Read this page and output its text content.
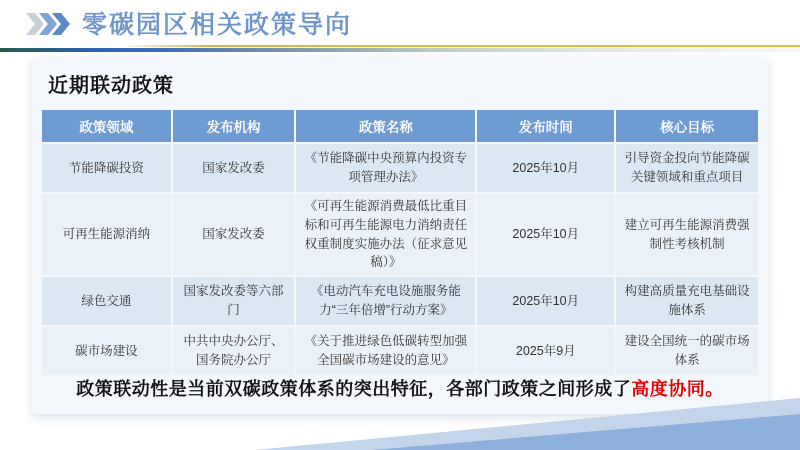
零碳园区相关政策导向
近期联动政策
政策领域	发布机构	政策名称	发布时间	核心目标
节能降碳投资	国家发改委	《节能降碳中央预算内投资专项管理办法》	2025年10月	引导资金投向节能降碳关键领域和重点项目
可再生能源消纳	国家发改委	《可再生能源消费最低比重目标和可再生能源电力消纳责任权重制度实施办法（征求意见稿）》	2025年10月	建立可再生能源消费强制性考核机制
绿色交通	国家发改委等六部门	《电动汽车充电设施服务能力“三年倍增”行动方案》	2025年10月	构建高质量充电基础设施体系
碳市场建设	中共中央办公厅、国务院办公厅	《关于推进绿色低碳转型加强全国碳市场建设的意见》	2025年9月	建设全国统一的碳市场体系

政策联动性是当前双碳政策体系的突出特征，各部门政策之间形成了高度协同。
